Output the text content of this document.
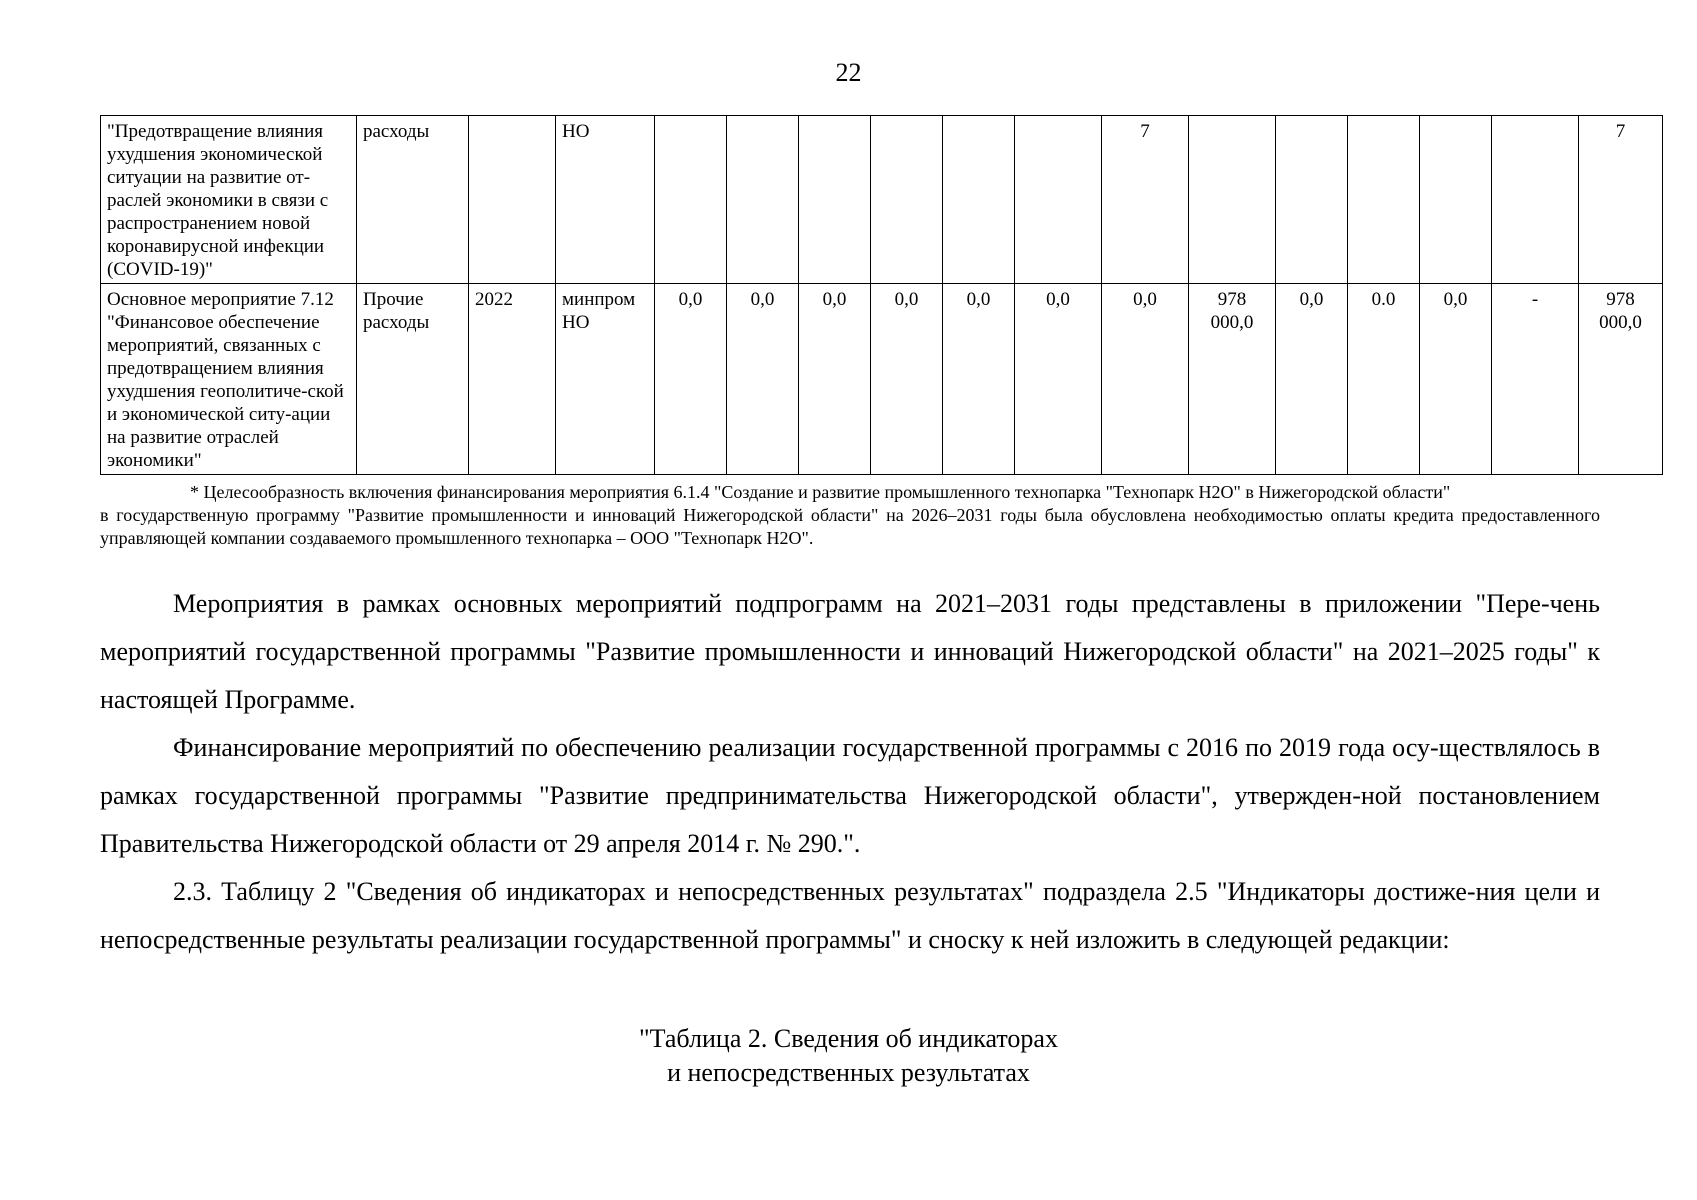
22
"Предотвращение влияния ухудшения экономической ситуации на развитие от-раслей экономики в связи с распространением новой коронавирусной инфекции (COVID-19)"	расходы		НО							7						7
Основное мероприятие 7.12 "Финансовое обеспечение мероприятий, связанных с предотвращением влияния ухудшения геополитиче-ской и экономической ситу-ации на развитие отраслей экономики"	Прочие расходы	2022	минпром НО	0,0	0,0	0,0	0,0	0,0	0,0	0,0	978 000,0	0,0	0.0	0,0	-	978 000,0
* Целесообразность включения финансирования мероприятия 6.1.4 "Создание и развитие промышленного технопарка "Технопарк Н2О" в Нижегородской области"
в государственную программу "Развитие промышленности и инноваций Нижегородской области" на 2026–2031 годы была обусловлена необходимостью оплаты кредита предоставленного управляющей компании создаваемого промышленного технопарка – ООО "Технопарк Н2О".

Мероприятия в рамках основных мероприятий подпрограмм на 2021–2031 годы представлены в приложении "Пере-чень мероприятий государственной программы "Развитие промышленности и инноваций Нижегородской области" на 2021–2025 годы" к настоящей Программе.

Финансирование мероприятий по обеспечению реализации государственной программы с 2016 по 2019 года осу-ществлялось в рамках государственной программы "Развитие предпринимательства Нижегородской области", утвержден-ной постановлением Правительства Нижегородской области от 29 апреля 2014 г. № 290.".

2.3. Таблицу 2 "Сведения об индикаторах и непосредственных результатах" подраздела 2.5 "Индикаторы достиже-ния цели и непосредственные результаты реализации государственной программы" и сноску к ней изложить в следующей редакции:

"Таблица 2. Сведения об индикаторах
и непосредственных результатах
